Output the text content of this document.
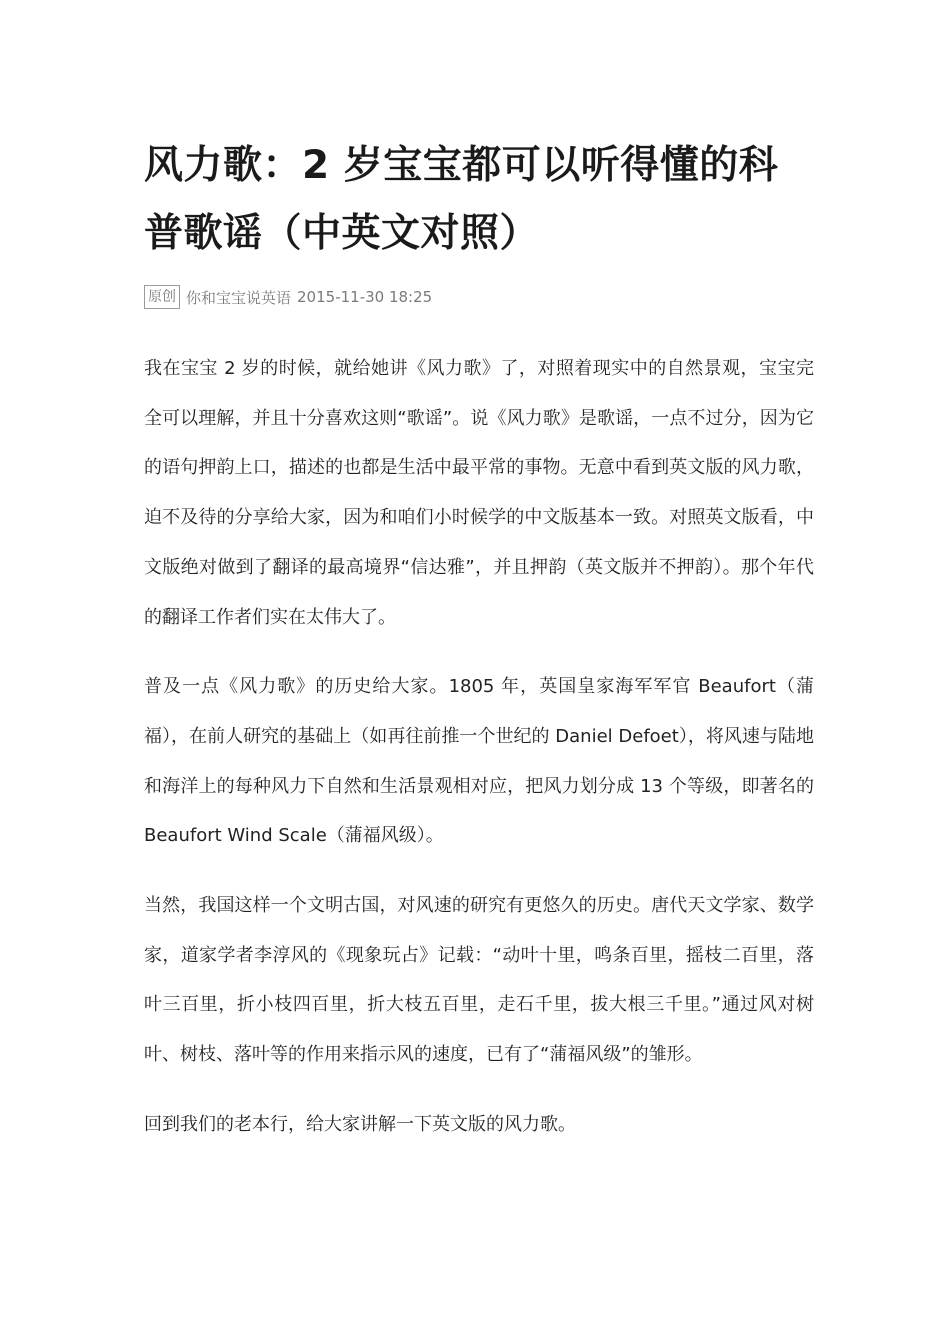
风力歌：2 岁宝宝都可以听得懂的科普歌谣（中英文对照）
原创 你和宝宝说英语 2015-11-30 18:25

我在宝宝 2 岁的时候，就给她讲《风力歌》了，对照着现实中的自然景观，宝宝完全可以理解，并且十分喜欢这则“歌谣”。说《风力歌》是歌谣，一点不过分，因为它的语句押韵上口，描述的也都是生活中最平常的事物。无意中看到英文版的风力歌，迫不及待的分享给大家，因为和咱们小时候学的中文版基本一致。对照英文版看，中文版绝对做到了翻译的最高境界“信达雅”，并且押韵（英文版并不押韵）。那个年代的翻译工作者们实在太伟大了。

普及一点《风力歌》的历史给大家。1805 年，英国皇家海军军官 Beaufort（蒲福），在前人研究的基础上（如再往前推一个世纪的 Daniel Defoet），将风速与陆地和海洋上的每种风力下自然和生活景观相对应，把风力划分成 13 个等级，即著名的 Beaufort Wind Scale（蒲福风级）。

当然，我国这样一个文明古国，对风速的研究有更悠久的历史。唐代天文学家、数学家，道家学者李淳风的《现象玩占》记载：“动叶十里，鸣条百里，摇枝二百里，落叶三百里，折小枝四百里，折大枝五百里，走石千里，拔大根三千里。”通过风对树叶、树枝、落叶等的作用来指示风的速度，已有了“蒲福风级”的雏形。

回到我们的老本行，给大家讲解一下英文版的风力歌。
